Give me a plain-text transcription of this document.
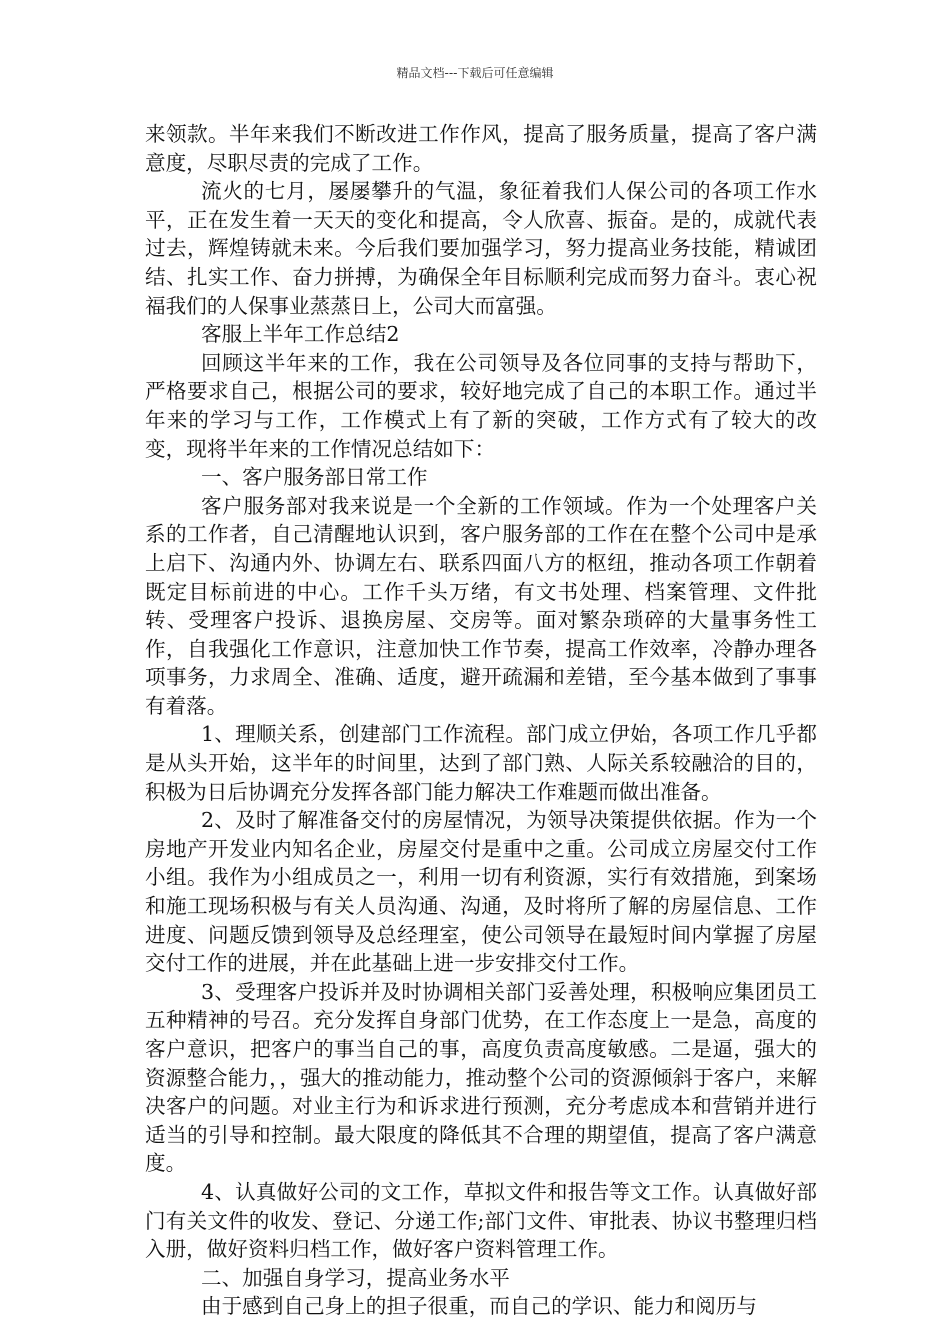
精品文档---下载后可任意编辑

来领款。半年来我们不断改进工作作风，提高了服务质量，提高了客户满意度，尽职尽责的完成了工作。

流火的七月，屡屡攀升的气温，象征着我们人保公司的各项工作水平，正在发生着一天天的变化和提高，令人欣喜、振奋。是的，成就代表过去，辉煌铸就未来。今后我们要加强学习，努力提高业务技能，精诚团结、扎实工作、奋力拼搏，为确保全年目标顺利完成而努力奋斗。衷心祝福我们的人保事业蒸蒸日上，公司大而富强。

客服上半年工作总结2

回顾这半年来的工作，我在公司领导及各位同事的支持与帮助下，严格要求自己，根据公司的要求，较好地完成了自己的本职工作。通过半年来的学习与工作，工作模式上有了新的突破，工作方式有了较大的改变，现将半年来的工作情况总结如下：

一、客户服务部日常工作

客户服务部对我来说是一个全新的工作领域。作为一个处理客户关系的工作者，自己清醒地认识到，客户服务部的工作在在整个公司中是承上启下、沟通内外、协调左右、联系四面八方的枢纽，推动各项工作朝着既定目标前进的中心。工作千头万绪，有文书处理、档案管理、文件批转、受理客户投诉、退换房屋、交房等。面对繁杂琐碎的大量事务性工作，自我强化工作意识，注意加快工作节奏，提高工作效率，冷静办理各项事务，力求周全、准确、适度，避开疏漏和差错，至今基本做到了事事有着落。

1、理顺关系，创建部门工作流程。部门成立伊始，各项工作几乎都是从头开始，这半年的时间里，达到了部门熟、人际关系较融洽的目的，积极为日后协调充分发挥各部门能力解决工作难题而做出准备。

2、及时了解准备交付的房屋情况，为领导决策提供依据。作为一个房地产开发业内知名企业，房屋交付是重中之重。公司成立房屋交付工作小组。我作为小组成员之一，利用一切有利资源，实行有效措施，到案场和施工现场积极与有关人员沟通、沟通，及时将所了解的房屋信息、工作进度、问题反馈到领导及总经理室，使公司领导在最短时间内掌握了房屋交付工作的进展，并在此基础上进一步安排交付工作。

3、受理客户投诉并及时协调相关部门妥善处理，积极响应集团员工五种精神的号召。充分发挥自身部门优势，在工作态度上一是急，高度的客户意识，把客户的事当自己的事，高度负责高度敏感。二是逼，强大的资源整合能力，，强大的推动能力，推动整个公司的资源倾斜于客户，来解决客户的问题。对业主行为和诉求进行预测，充分考虑成本和营销并进行适当的引导和控制。最大限度的降低其不合理的期望值，提高了客户满意度。

4、认真做好公司的文工作，草拟文件和报告等文工作。认真做好部门有关文件的收发、登记、分递工作;部门文件、审批表、协议书整理归档入册，做好资料归档工作，做好客户资料管理工作。

二、加强自身学习，提高业务水平

由于感到自己身上的担子很重，而自己的学识、能力和阅历与
